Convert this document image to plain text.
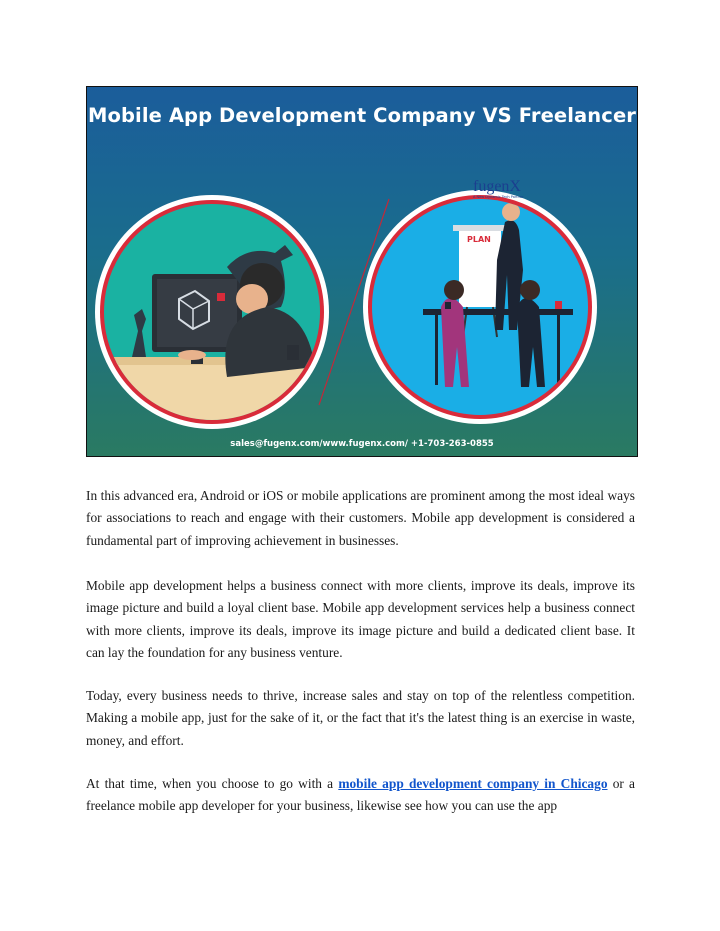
Mobile App Development Company VS Freelancer
fugenX
A New Dynamic Tech Partner
PLAN
sales@fugenx.com/www.fugenx.com/ +1-703-263-0855

In this advanced era, Android or iOS or mobile applications are prominent among the most ideal ways for associations to reach and engage with their customers. Mobile app development is considered a fundamental part of improving achievement in businesses.

Mobile app development helps a business connect with more clients, improve its deals, improve its image picture and build a loyal client base. Mobile app development services help a business connect with more clients, improve its deals, improve its image picture and build a dedicated client base. It can lay the foundation for any business venture.

Today, every business needs to thrive, increase sales and stay on top of the relentless competition. Making a mobile app, just for the sake of it, or the fact that it's the latest thing is an exercise in waste, money, and effort.

At that time, when you choose to go with a mobile app development company in Chicago or a freelance mobile app developer for your business, likewise see how you can use the app
